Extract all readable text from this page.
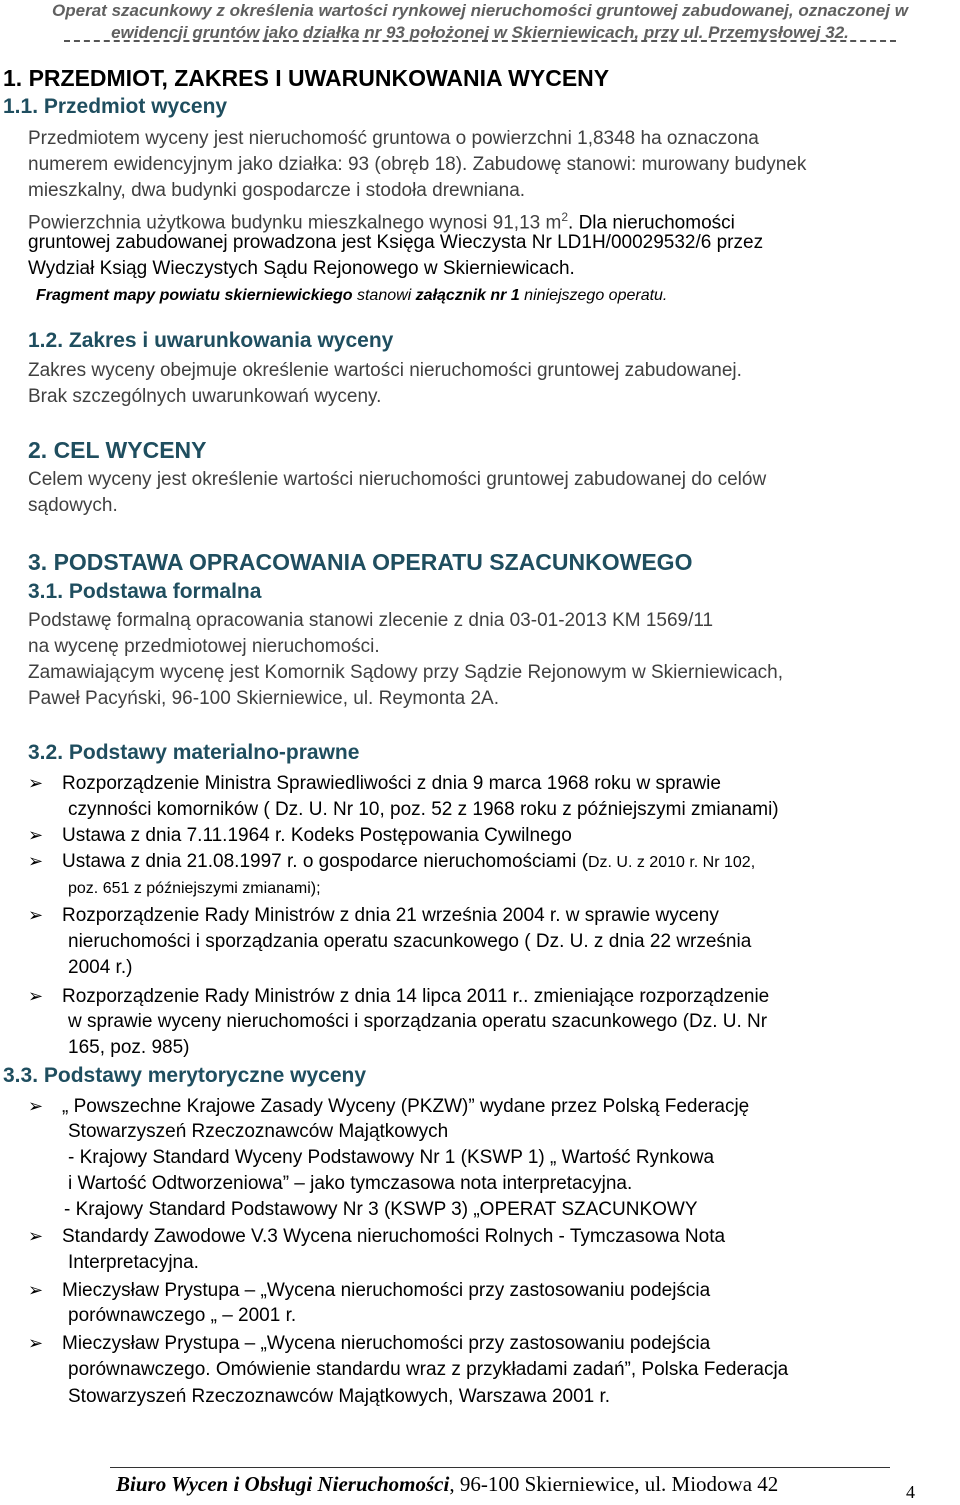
Operat szacunkowy z określenia wartości rynkowej nieruchomości gruntowej zabudowanej, oznaczonej w
ewidencji gruntów jako działka nr 93 położonej w Skierniewicach, przy ul. Przemysłowej 32.
1. PRZEDMIOT, ZAKRES I UWARUNKOWANIA WYCENY
1.1. Przedmiot wyceny
Przedmiotem wyceny jest nieruchomość gruntowa o powierzchni 1,8348 ha oznaczona
numerem ewidencyjnym jako działka: 93 (obręb 18). Zabudowę stanowi: murowany budynek
mieszkalny, dwa budynki gospodarcze i stodoła drewniana.
Powierzchnia użytkowa budynku mieszkalnego wynosi 91,13 $m^2$. Dla nieruchomości
gruntowej zabudowanej prowadzona jest Księga Wieczysta Nr LD1H/00029532/6 przez
Wydział Ksiąg Wieczystych Sądu Rejonowego w Skierniewicach.
Fragment mapy powiatu skierniewickiego stanowi załącznik nr 1 niniejszego operatu.
1.2. Zakres i uwarunkowania wyceny
Zakres wyceny obejmuje określenie wartości nieruchomości gruntowej zabudowanej.
Brak szczególnych uwarunkowań wyceny.
2. CEL WYCENY
Celem wyceny jest określenie wartości nieruchomości gruntowej zabudowanej do celów
sądowych.
3. PODSTAWA OPRACOWANIA OPERATU SZACUNKOWEGO
3.1. Podstawa formalna
Podstawę formalną opracowania stanowi zlecenie z dnia 03-01-2013 KM 1569/11
na wycenę przedmiotowej nieruchomości.
Zamawiającym wycenę jest Komornik Sądowy przy Sądzie Rejonowym w Skierniewicach,
Paweł Pacyński, 96-100 Skierniewice, ul. Reymonta 2A.
3.2. Podstawy materialno-prawne
➢ Rozporządzenie Ministra Sprawiedliwości z dnia 9 marca 1968 roku w sprawie
czynności komorników ( Dz. U. Nr 10, poz. 52 z 1968 roku z późniejszymi zmianami)
➢ Ustawa z dnia 7.11.1964 r. Kodeks Postępowania Cywilnego
➢ Ustawa z dnia 21.08.1997 r. o gospodarce nieruchomościami (Dz. U. z 2010 r. Nr 102,
poz. 651 z późniejszymi zmianami);
➢ Rozporządzenie Rady Ministrów z dnia 21 września 2004 r. w sprawie wyceny
nieruchomości i sporządzania operatu szacunkowego ( Dz. U. z dnia 22 września
2004 r.)
➢ Rozporządzenie Rady Ministrów z dnia 14 lipca 2011 r.. zmieniające rozporządzenie
w sprawie wyceny nieruchomości i sporządzania operatu szacunkowego (Dz. U. Nr
165, poz. 985)
3.3. Podstawy merytoryczne wyceny
➢ „ Powszechne Krajowe Zasady Wyceny (PKZW)” wydane przez Polską Federację
Stowarzyszeń Rzeczoznawców Majątkowych
- Krajowy Standard Wyceny Podstawowy Nr 1 (KSWP 1) „ Wartość Rynkowa
i Wartość Odtworzeniowa” – jako tymczasowa nota interpretacyjna.
- Krajowy Standard Podstawowy Nr 3 (KSWP 3) „OPERAT SZACUNKOWY
➢ Standardy Zawodowe V.3 Wycena nieruchomości Rolnych - Tymczasowa Nota
Interpretacyjna.
➢ Mieczysław Prystupa – „Wycena nieruchomości przy zastosowaniu podejścia
porównawczego „ – 2001 r.
➢ Mieczysław Prystupa – „Wycena nieruchomości przy zastosowaniu podejścia
porównawczego. Omówienie standardu wraz z przykładami zadań”, Polska Federacja
Stowarzyszeń Rzeczoznawców Majątkowych, Warszawa 2001 r.
Biuro Wycen i Obsługi Nieruchomości, 96-100 Skierniewice, ul. Miodowa 42	4
